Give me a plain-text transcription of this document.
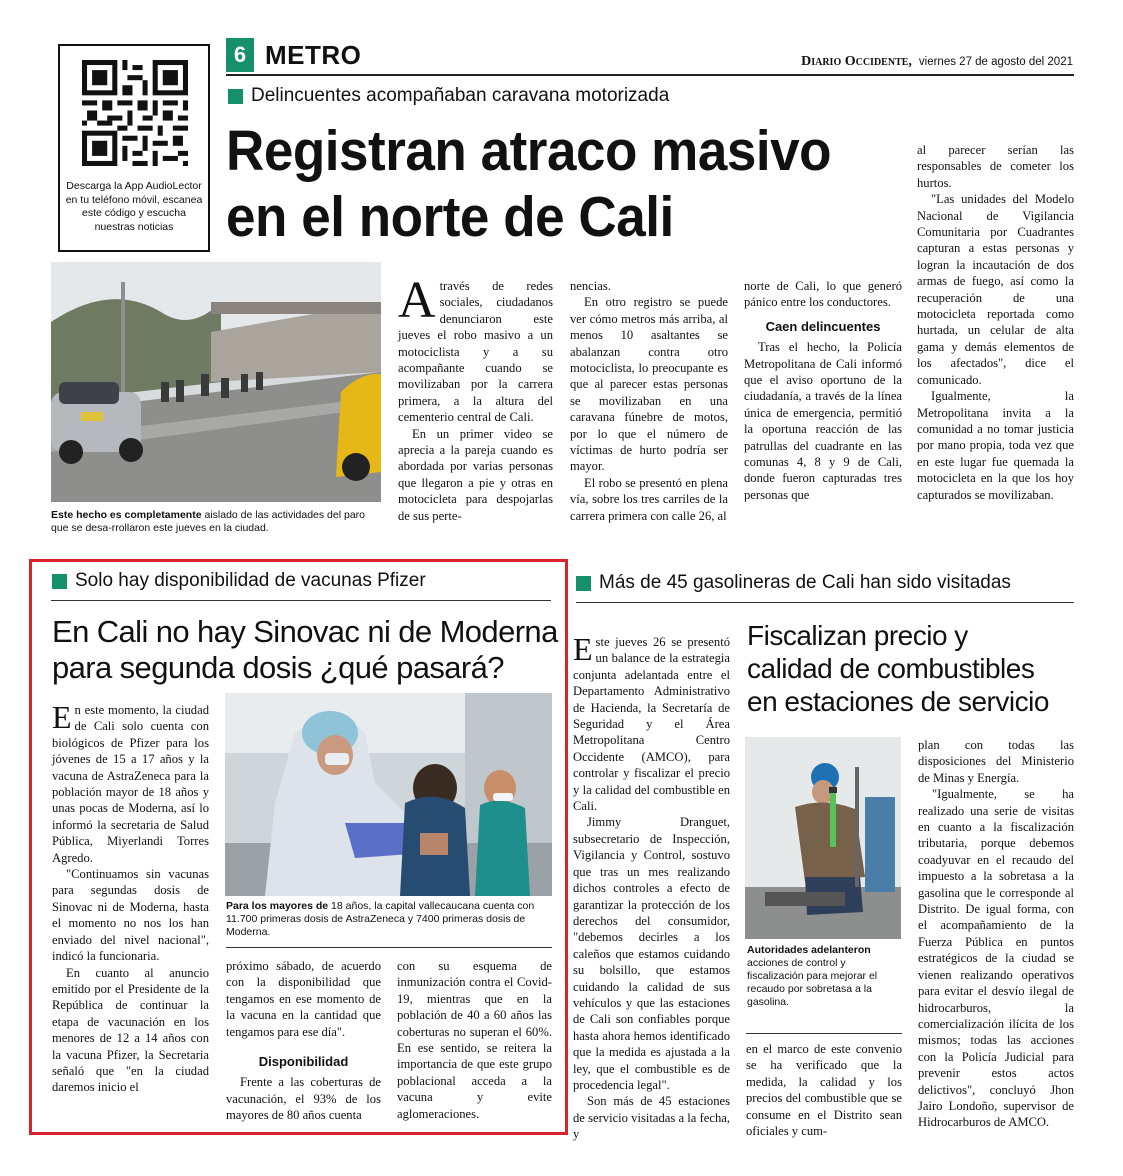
Descarga la App AudioLector en tu teléfono móvil, escanea este código y escucha nuestras noticias
6 METRO	Diario Occidente, viernes 27 de agosto del 2021
Delincuentes acompañaban caravana motorizada
Registran atraco masivo
en el norte de Cali
Este hecho es completamente aislado de las actividades del paro que se desa-rrollaron este jueves en la ciudad.

Através de redes sociales, ciudadanos denunciaron este jueves el robo masivo a un motociclista y a su acompañante cuando se movilizaban por la carrera primera, a la altura del cementerio central de Cali.

En un primer video se aprecia a la pareja cuando es abordada por varias personas que llegaron a pie y otras en motocicleta para despojarlas de sus perte-

nencias.

En otro registro se puede ver cómo metros más arriba, al menos 10 asaltantes se abalanzan contra otro motociclista, lo preocupante es que al parecer estas personas se movilizaban en una caravana fúnebre de motos, por lo que el número de víctimas de hurto podría ser mayor.

El robo se presentó en plena vía, sobre los tres carriles de la carrera primera con calle 26, al

norte de Cali, lo que generó pánico entre los conductores.

Caen delincuentes

Tras el hecho, la Policía Metropolitana de Cali informó que el aviso oportuno de la ciudadanía, a través de la línea única de emergencia, permitió la oportuna reacción de las patrullas del cuadrante en las comunas 4, 8 y 9 de Cali, donde fueron capturadas tres personas que

al parecer serían las responsables de cometer los hurtos.

"Las unidades del Modelo Nacional de Vigilancia Comunitaria por Cuadrantes capturan a estas personas y logran la incautación de dos armas de fuego, así como la recuperación de una motocicleta reportada como hurtada, un celular de alta gama y demás elementos de los afectados", dice el comunicado.

Igualmente, la Metropolitana invita a la comunidad a no tomar justicia por mano propia, toda vez que en este lugar fue quemada la motocicleta en la que los hoy capturados se movilizaban.

Solo hay disponibilidad de vacunas Pfizer
En Cali no hay Sinovac ni de Moderna
para segunda dosis ¿qué pasará?

En este momento, la ciudad de Cali solo cuenta con biológicos de Pfizer para los jóvenes de 15 a 17 años y la vacuna de AstraZeneca para la población mayor de 18 años y unas pocas de Moderna, así lo informó la secretaria de Salud Pública, Miyerlandi Torres Agredo.

"Continuamos sin vacunas para segundas dosis de Sinovac ni de Moderna, hasta el momento no nos los han enviado del nivel nacional", indicó la funcionaria.

En cuanto al anuncio emitido por el Presidente de la República de continuar la etapa de vacunación en los menores de 12 a 14 años con la vacuna Pfizer, la Secretaria señaló que "en la ciudad daremos inicio el

Para los mayores de 18 años, la capital vallecaucana cuenta con 11.700 primeras dosis de AstraZeneca y 7400 primeras dosis de Moderna.

próximo sábado, de acuerdo con la disponibilidad que tengamos en ese momento de la vacuna en la cantidad que tengamos para ese día".

Disponibilidad

Frente a las coberturas de vacunación, el 93% de los mayores de 80 años cuenta

con su esquema de inmunización contra el Covid-19, mientras que en la población de 40 a 60 años las coberturas no superan el 60%. En ese sentido, se reitera la importancia de que este grupo poblacional acceda a la vacuna y evite aglomeraciones.

Más de 45 gasolineras de Cali han sido visitadas
Fiscalizan precio y
calidad de combustibles
en estaciones de servicio

Este jueves 26 se presentó un balance de la estrategia conjunta adelantada entre el Departamento Administrativo de Hacienda, la Secretaría de Seguridad y el Área Metropolitana Centro Occidente (AMCO), para controlar y fiscalizar el precio y la calidad del combustible en Cali.

Jimmy Dranguet, subsecretario de Inspección, Vigilancia y Control, sostuvo que tras un mes realizando dichos controles a efecto de garantizar la protección de los derechos del consumidor, "debemos decirles a los caleños que estamos cuidando su bolsillo, que estamos cuidando la calidad de sus vehículos y que las estaciones de Cali son confiables porque hasta ahora hemos identificado que la medida es ajustada a la ley, que el combustible es de procedencia legal".

Son más de 45 estaciones de servicio visitadas a la fecha, y

Autoridades adelanteron acciones de control y fiscalización para mejorar el recaudo por sobretasa a la gasolina.

en el marco de este convenio se ha verificado que la medida, la calidad y los precios del combustible que se consume en el Distrito sean oficiales y cum-

plan con todas las disposiciones del Ministerio de Minas y Energía.

"Igualmente, se ha realizado una serie de visitas en cuanto a la fiscalización tributaria, porque debemos coadyuvar en el recaudo del impuesto a la sobretasa a la gasolina que le corresponde al Distrito. De igual forma, con el acompañamiento de la Fuerza Pública en puntos estratégicos de la ciudad se vienen realizando operativos para evitar el desvío ilegal de hidrocarburos, la comercialización ilícita de los mismos; todas las acciones con la Policía Judicial para prevenir estos actos delictivos", concluyó Jhon Jairo Londoño, supervisor de Hidrocarburos de AMCO.
